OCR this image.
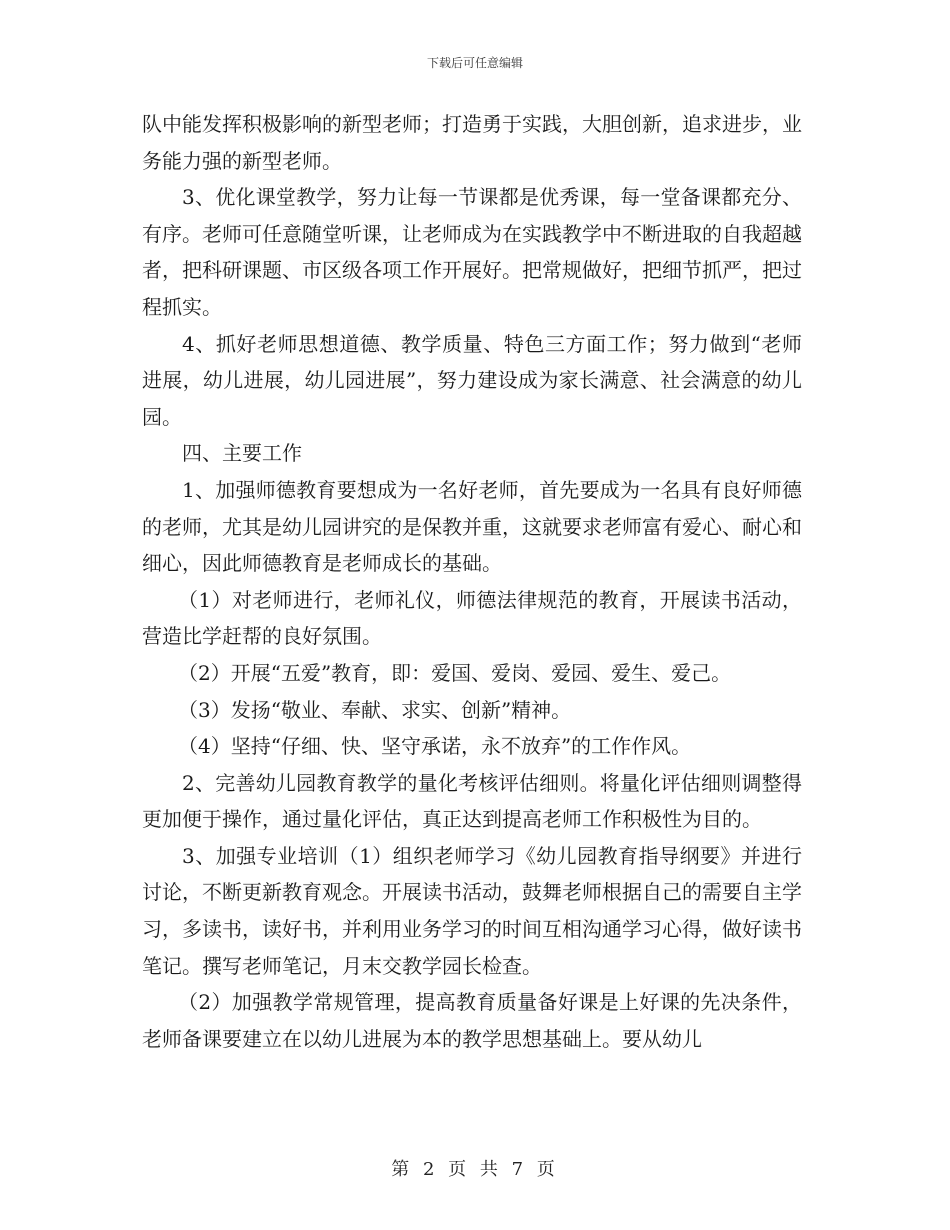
下载后可任意编辑

队中能发挥积极影响的新型老师；打造勇于实践，大胆创新，追求进步，业务能力强的新型老师。

3、优化课堂教学，努力让每一节课都是优秀课，每一堂备课都充分、有序。老师可任意随堂听课，让老师成为在实践教学中不断进取的自我超越者，把科研课题、市区级各项工作开展好。把常规做好，把细节抓严，把过程抓实。

4、抓好老师思想道德、教学质量、特色三方面工作；努力做到“老师进展，幼儿进展，幼儿园进展”，努力建设成为家长满意、社会满意的幼儿园。

四、主要工作

1、加强师德教育要想成为一名好老师，首先要成为一名具有良好师德的老师，尤其是幼儿园讲究的是保教并重，这就要求老师富有爱心、耐心和细心，因此师德教育是老师成长的基础。

（1）对老师进行，老师礼仪，师德法律规范的教育，开展读书活动，营造比学赶帮的良好氛围。

（2）开展“五爱”教育，即：爱国、爱岗、爱园、爱生、爱己。

（3）发扬“敬业、奉献、求实、创新”精神。

（4）坚持“仔细、快、坚守承诺，永不放弃”的工作作风。

2、完善幼儿园教育教学的量化考核评估细则。将量化评估细则调整得更加便于操作，通过量化评估，真正达到提高老师工作积极性为目的。

3、加强专业培训（1）组织老师学习《幼儿园教育指导纲要》并进行讨论，不断更新教育观念。开展读书活动，鼓舞老师根据自己的需要自主学习，多读书，读好书，并利用业务学习的时间互相沟通学习心得，做好读书笔记。撰写老师笔记，月末交教学园长检查。

（2）加强教学常规管理，提高教育质量备好课是上好课的先决条件，老师备课要建立在以幼儿进展为本的教学思想基础上。要从幼儿

第 2 页 共 7 页
